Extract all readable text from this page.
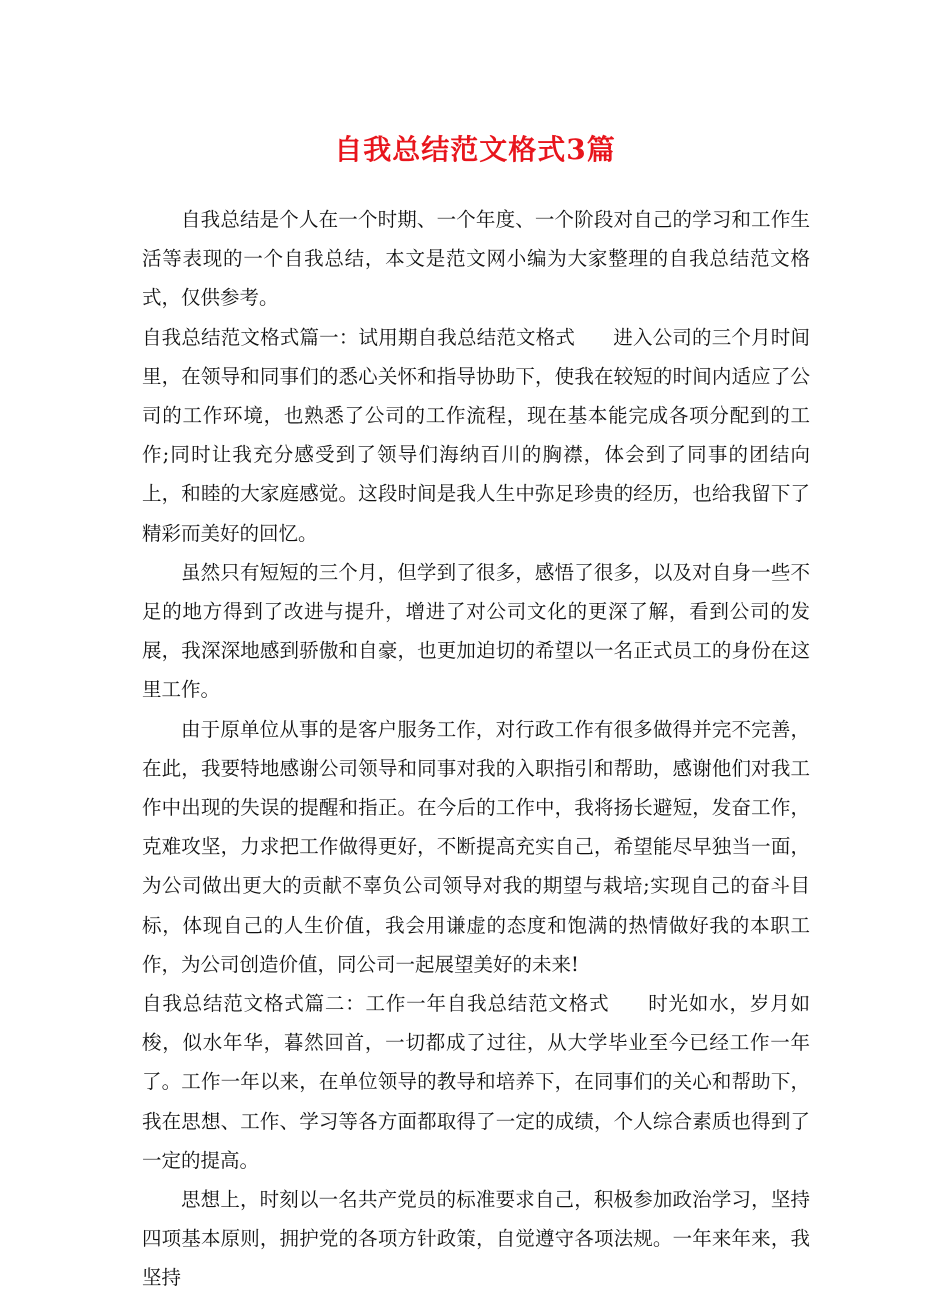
自我总结范文格式3篇

自我总结是个人在一个时期、一个年度、一个阶段对自己的学习和工作生活等表现的一个自我总结，本文是范文网小编为大家整理的自我总结范文格式，仅供参考。

自我总结范文格式篇一：试用期自我总结范文格式 进入公司的三个月时间里，在领导和同事们的悉心关怀和指导协助下，使我在较短的时间内适应了公司的工作环境，也熟悉了公司的工作流程，现在基本能完成各项分配到的工作;同时让我充分感受到了领导们海纳百川的胸襟，体会到了同事的团结向上，和睦的大家庭感觉。这段时间是我人生中弥足珍贵的经历，也给我留下了精彩而美好的回忆。

虽然只有短短的三个月，但学到了很多，感悟了很多，以及对自身一些不足的地方得到了改进与提升，增进了对公司文化的更深了解，看到公司的发展，我深深地感到骄傲和自豪，也更加迫切的希望以一名正式员工的身份在这里工作。

由于原单位从事的是客户服务工作，对行政工作有很多做得并完不完善，在此，我要特地感谢公司领导和同事对我的入职指引和帮助，感谢他们对我工作中出现的失误的提醒和指正。在今后的工作中，我将扬长避短，发奋工作，克难攻坚，力求把工作做得更好，不断提高充实自己，希望能尽早独当一面，为公司做出更大的贡献不辜负公司领导对我的期望与栽培;实现自己的奋斗目标，体现自己的人生价值，我会用谦虚的态度和饱满的热情做好我的本职工作，为公司创造价值，同公司一起展望美好的未来!

自我总结范文格式篇二：工作一年自我总结范文格式 时光如水，岁月如梭，似水年华，暮然回首，一切都成了过往，从大学毕业至今已经工作一年了。工作一年以来，在单位领导的教导和培养下，在同事们的关心和帮助下，我在思想、工作、学习等各方面都取得了一定的成绩，个人综合素质也得到了一定的提高。

思想上，时刻以一名共产党员的标准要求自己，积极参加政治学习，坚持四项基本原则，拥护党的各项方针政策，自觉遵守各项法规。一年来年来，我坚持
